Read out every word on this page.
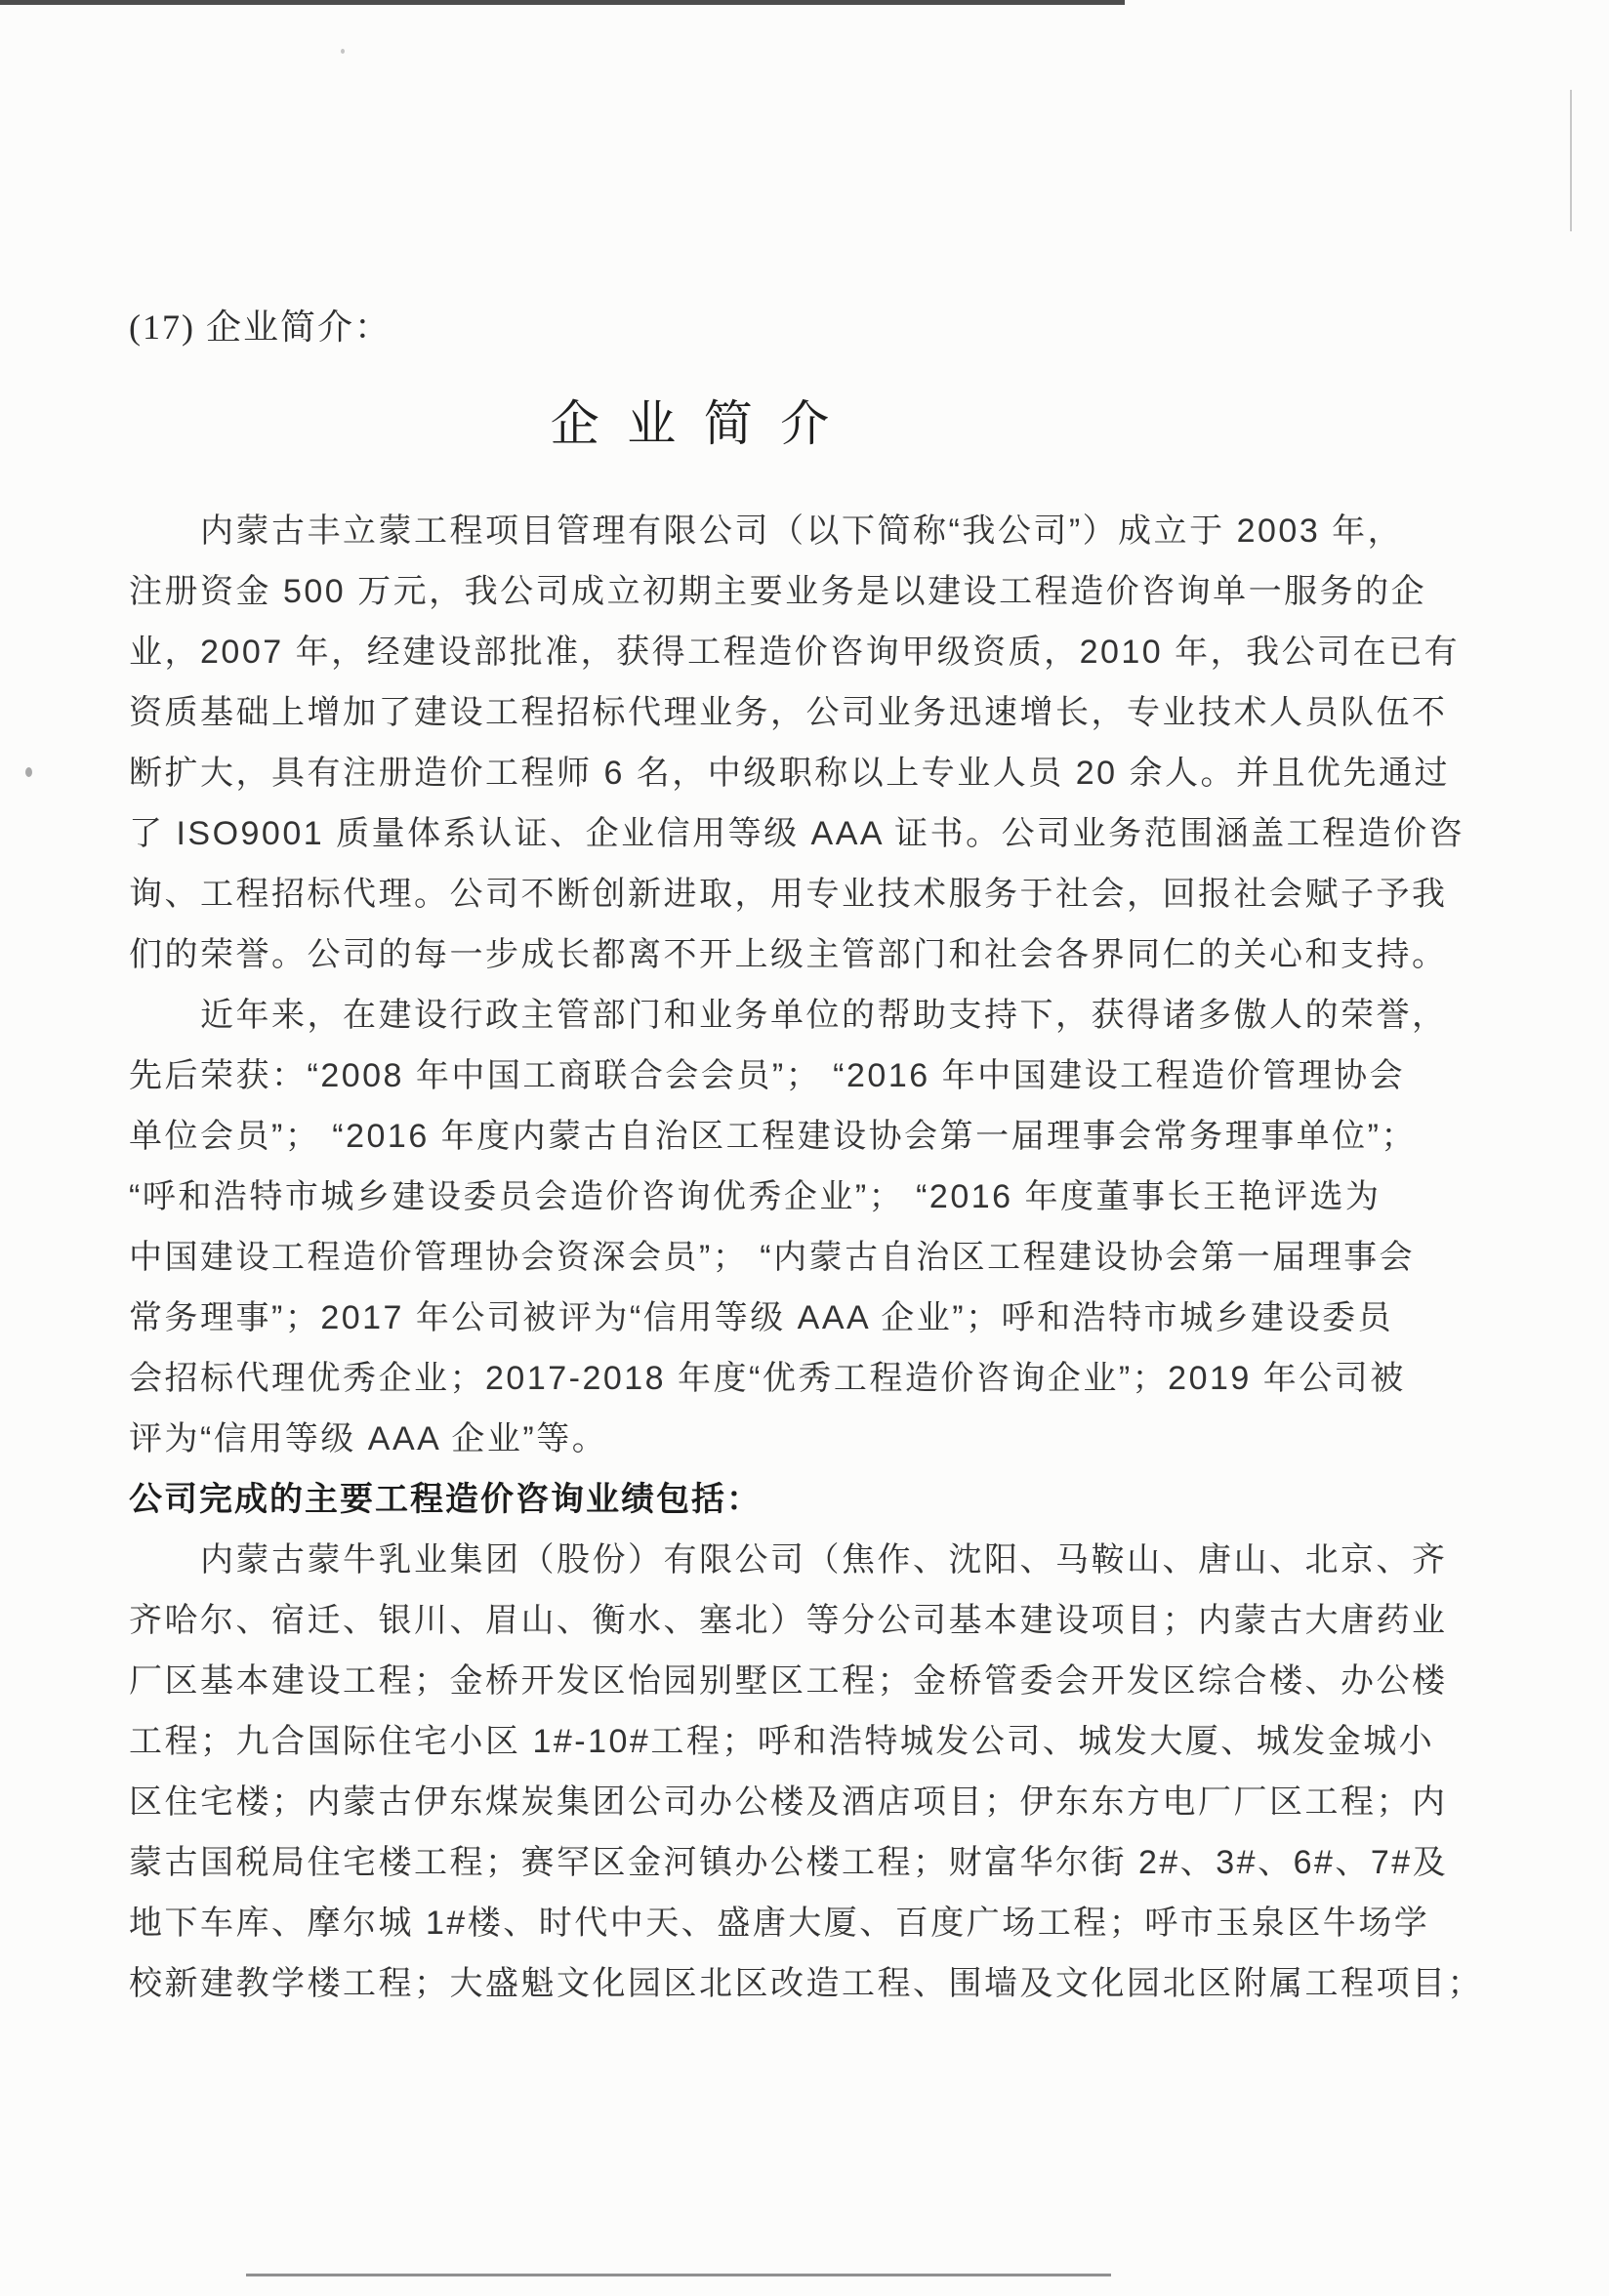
(17) 企业简介：
企 业 简 介
内蒙古丰立蒙工程项目管理有限公司（以下简称“我公司”）成立于 2003 年，
注册资金 500 万元，我公司成立初期主要业务是以建设工程造价咨询单一服务的企
业，2007 年，经建设部批准，获得工程造价咨询甲级资质，2010 年，我公司在已有
资质基础上增加了建设工程招标代理业务，公司业务迅速增长，专业技术人员队伍不
断扩大，具有注册造价工程师 6 名，中级职称以上专业人员 20 余人。并且优先通过
了 ISO9001 质量体系认证、企业信用等级 AAA 证书。公司业务范围涵盖工程造价咨
询、工程招标代理。公司不断创新进取，用专业技术服务于社会，回报社会赋子予我
们的荣誉。公司的每一步成长都离不开上级主管部门和社会各界同仁的关心和支持。
近年来，在建设行政主管部门和业务单位的帮助支持下，获得诸多傲人的荣誉，
先后荣获：“2008 年中国工商联合会会员”； “2016 年中国建设工程造价管理协会
单位会员”； “2016 年度内蒙古自治区工程建设协会第一届理事会常务理事单位”；
“呼和浩特市城乡建设委员会造价咨询优秀企业”； “2016 年度董事长王艳评选为
中国建设工程造价管理协会资深会员”； “内蒙古自治区工程建设协会第一届理事会
常务理事”；2017 年公司被评为“信用等级 AAA 企业”；呼和浩特市城乡建设委员
会招标代理优秀企业；2017-2018 年度“优秀工程造价咨询企业”；2019 年公司被
评为“信用等级 AAA 企业”等。
公司完成的主要工程造价咨询业绩包括：
内蒙古蒙牛乳业集团（股份）有限公司（焦作、沈阳、马鞍山、唐山、北京、齐
齐哈尔、宿迁、银川、眉山、衡水、塞北）等分公司基本建设项目；内蒙古大唐药业
厂区基本建设工程；金桥开发区怡园别墅区工程；金桥管委会开发区综合楼、办公楼
工程；九合国际住宅小区 1#-10#工程；呼和浩特城发公司、城发大厦、城发金城小
区住宅楼；内蒙古伊东煤炭集团公司办公楼及酒店项目；伊东东方电厂厂区工程；内
蒙古国税局住宅楼工程；赛罕区金河镇办公楼工程；财富华尔街 2#、3#、6#、7#及
地下车库、摩尔城 1#楼、时代中天、盛唐大厦、百度广场工程；呼市玉泉区牛场学
校新建教学楼工程；大盛魁文化园区北区改造工程、围墙及文化园北区附属工程项目；
